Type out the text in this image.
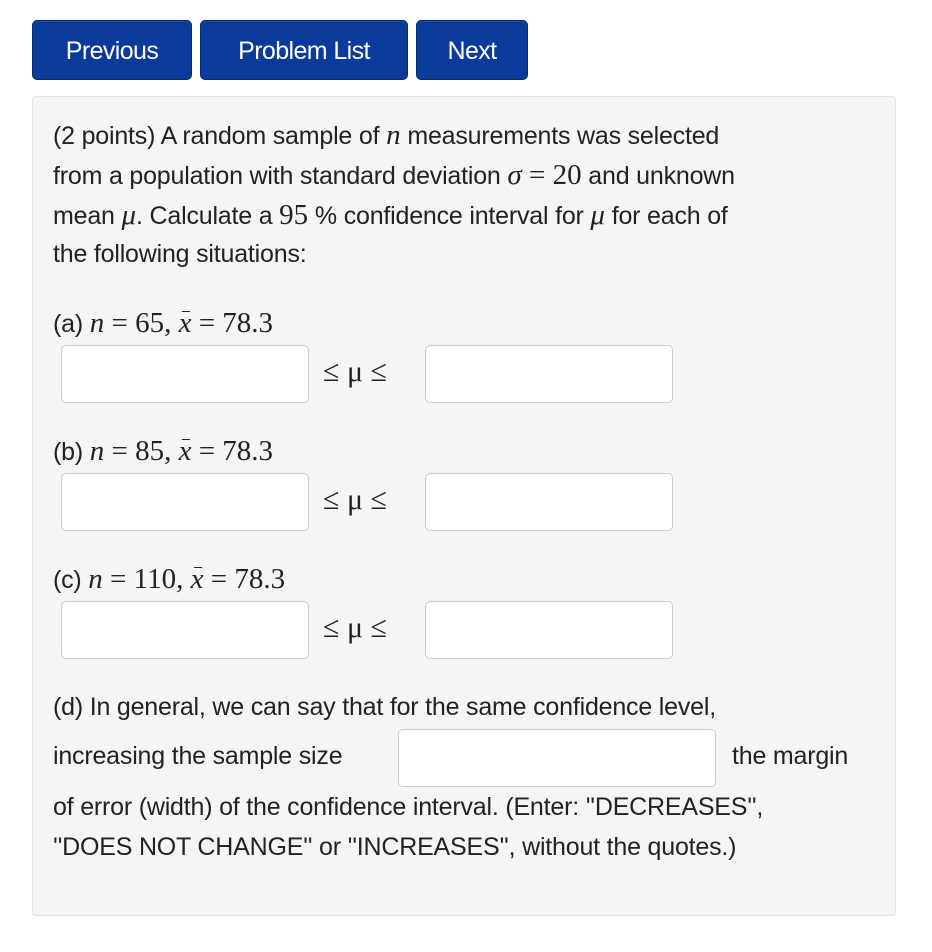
Previous	Problem List	Next
(2 points) A random sample of n measurements was selected
from a population with standard deviation σ = 20 and unknown
mean μ. Calculate a 95 % confidence interval for μ for each of
the following situations:
(a) n = 65, x = 78.3
≤ μ ≤
(b) n = 85, x = 78.3
≤ μ ≤
(c) n = 110, x = 78.3
≤ μ ≤
(d) In general, we can say that for the same confidence level,
increasing the sample size	the margin
of error (width) of the confidence interval. (Enter: ''DECREASES'',
''DOES NOT CHANGE'' or ''INCREASES'', without the quotes.)
